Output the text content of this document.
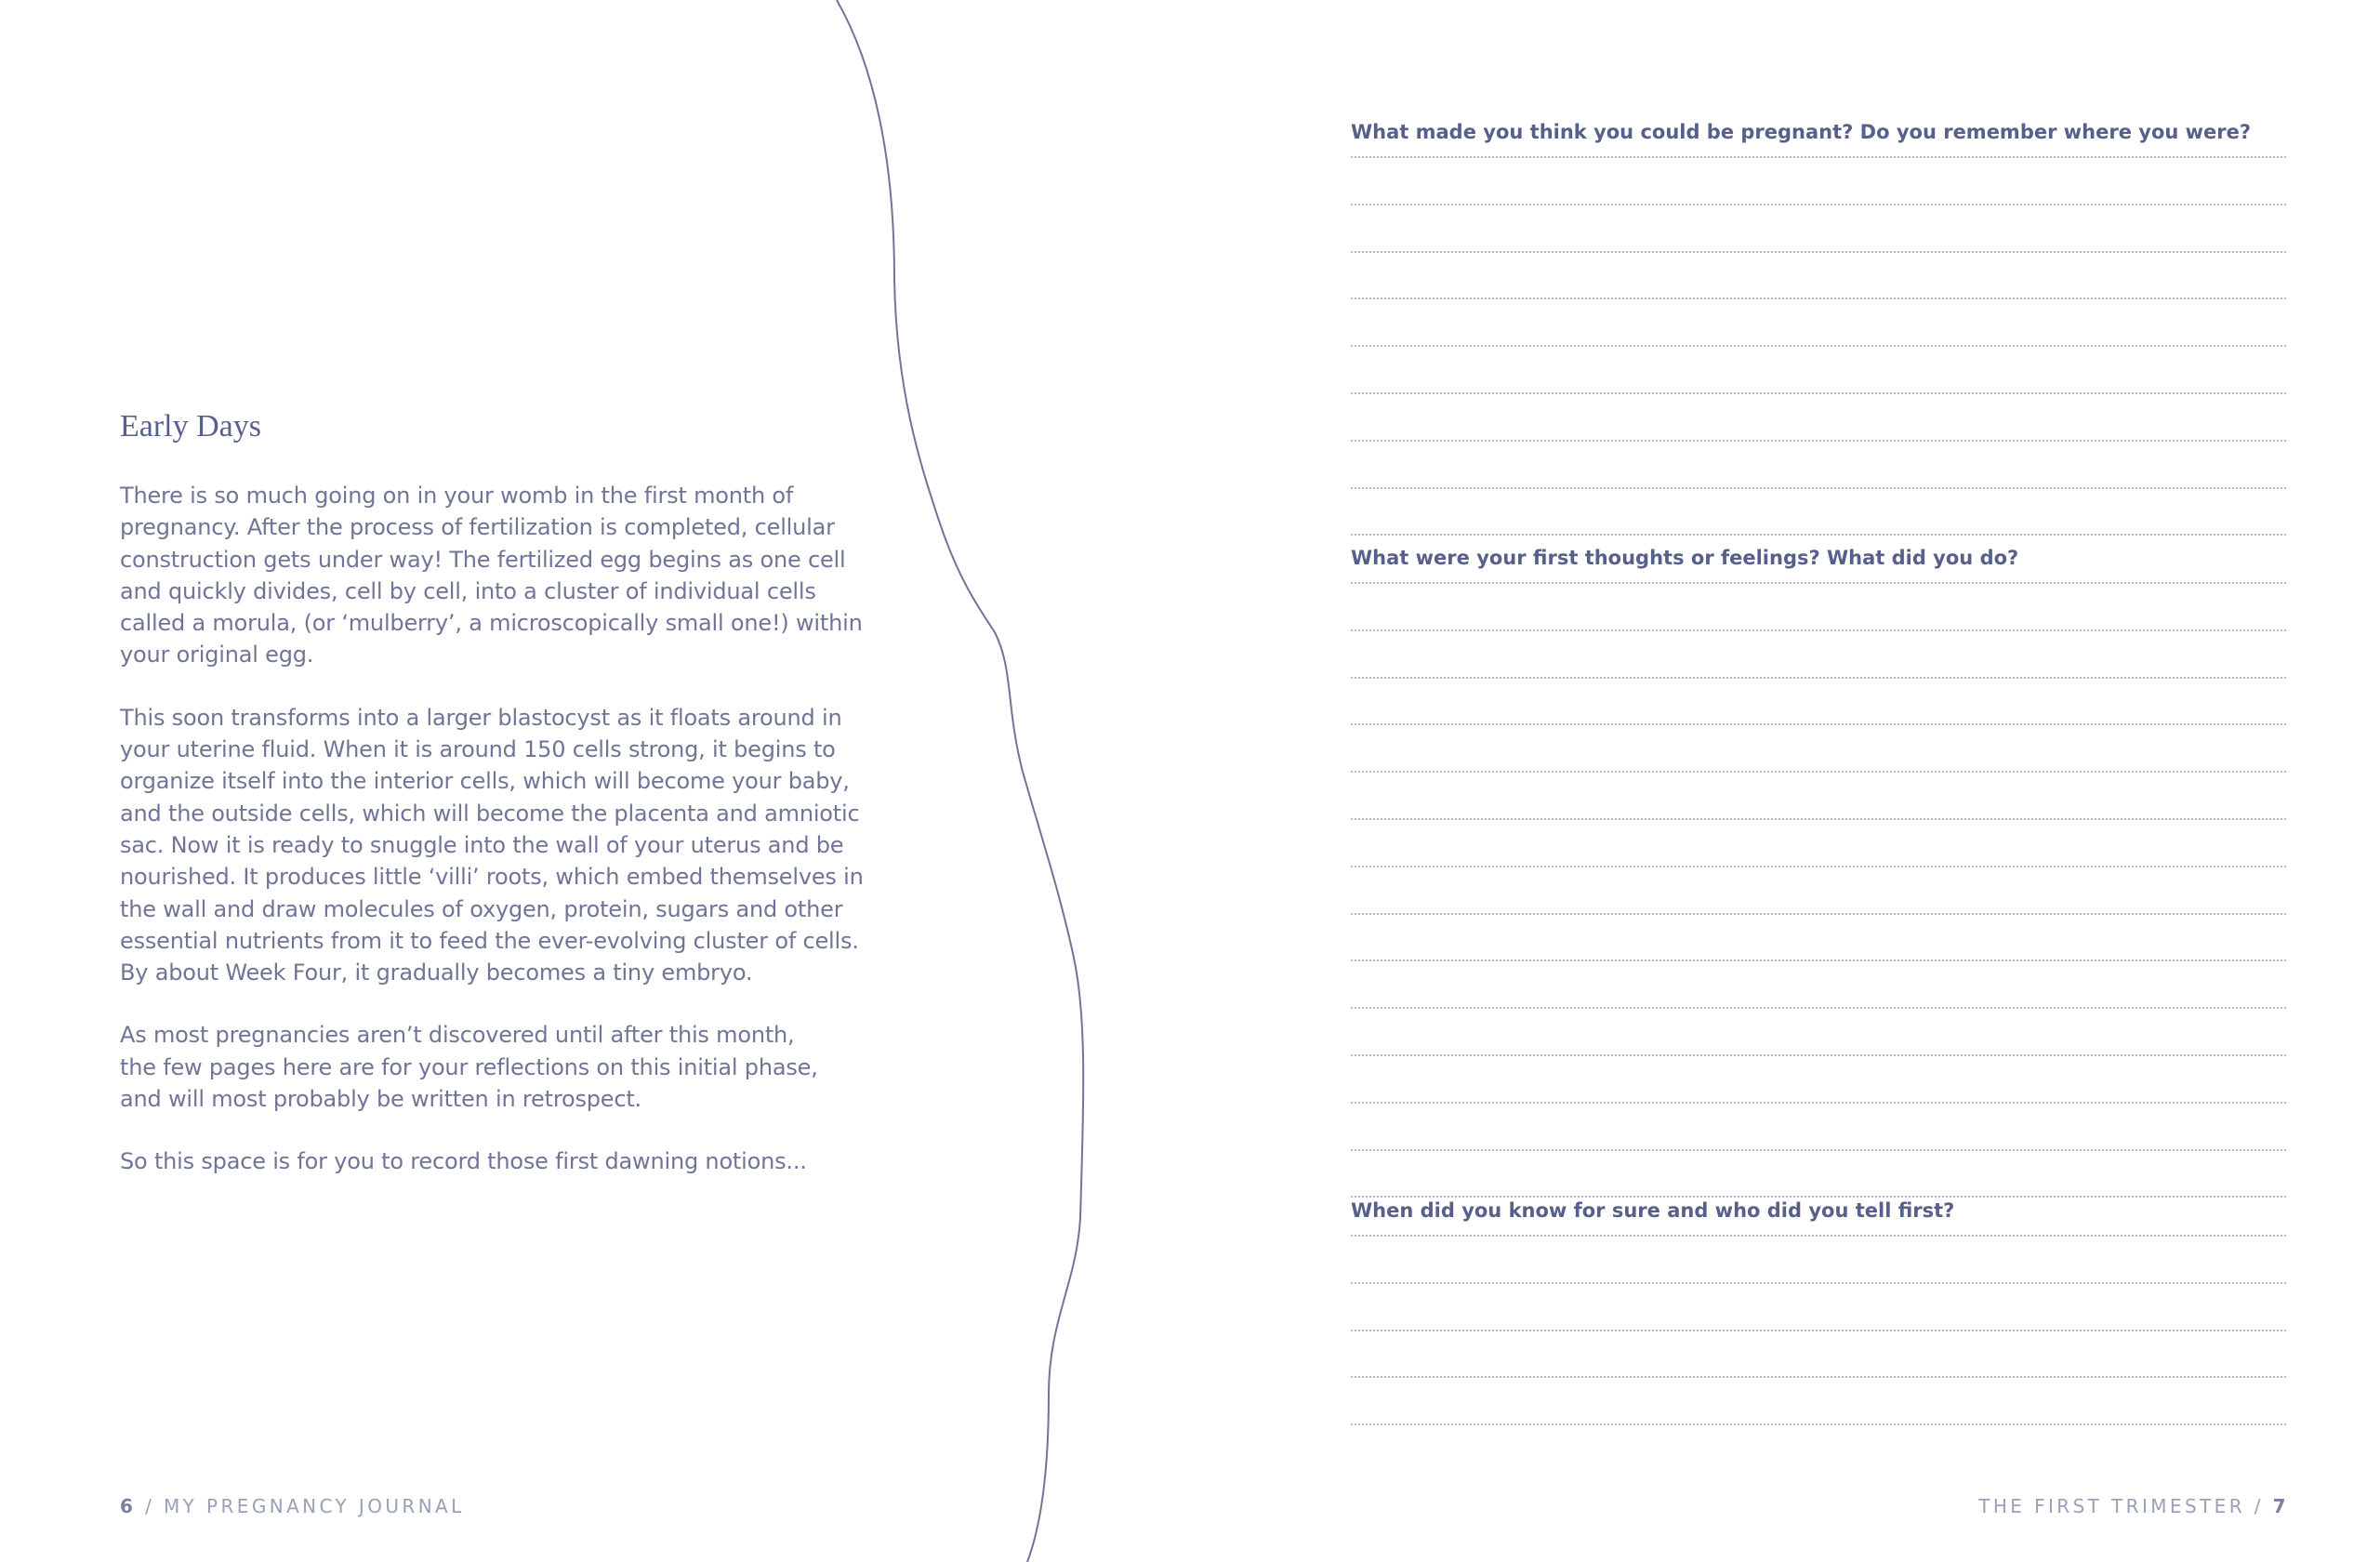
Early Days

There is so much going on in your womb in the first month of
pregnancy. After the process of fertilization is completed, cellular
construction gets under way! The fertilized egg begins as one cell
and quickly divides, cell by cell, into a cluster of individual cells
called a morula, (or ‘mulberry’, a microscopically small one!) within
your original egg.

This soon transforms into a larger blastocyst as it floats around in
your uterine fluid. When it is around 150 cells strong, it begins to
organize itself into the interior cells, which will become your baby,
and the outside cells, which will become the placenta and amniotic
sac. Now it is ready to snuggle into the wall of your uterus and be
nourished. It produces little ‘villi’ roots, which embed themselves in
the wall and draw molecules of oxygen, protein, sugars and other
essential nutrients from it to feed the ever-evolving cluster of cells.
By about Week Four, it gradually becomes a tiny embryo.

As most pregnancies aren’t discovered until after this month,
the few pages here are for your reflections on this initial phase,
and will most probably be written in retrospect.

So this space is for you to record those first dawning notions...

What made you think you could be pregnant? Do you remember where you were?
What were your first thoughts or feelings? What did you do?
When did you know for sure and who did you tell first?
6 / MY PREGNANCY JOURNAL	THE FIRST TRIMESTER / 7
